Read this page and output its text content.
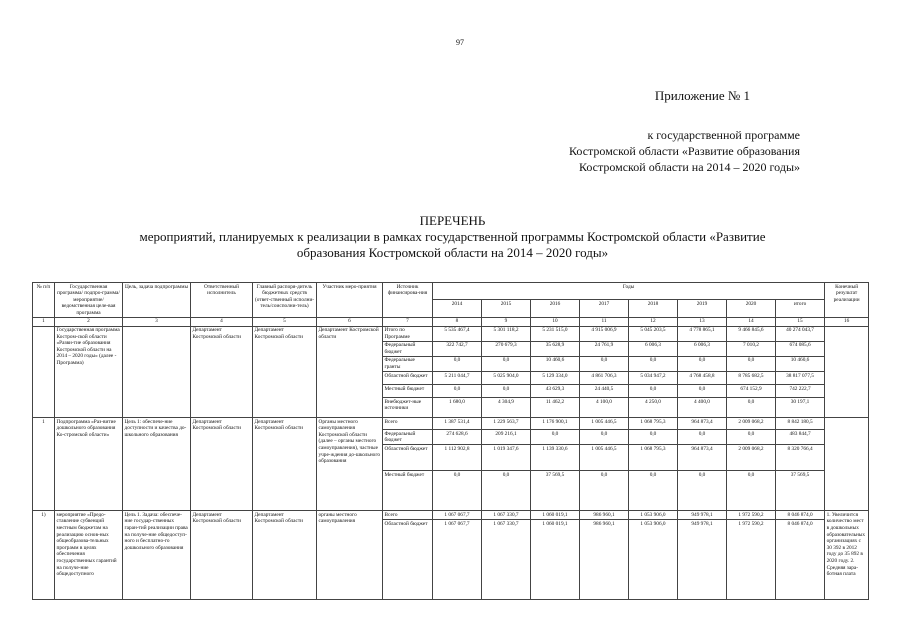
97
Приложение № 1
к государственной программе
Костромской области «Развитие образования
Костромской области на 2014 – 2020 годы»
ПЕРЕЧЕНЬ
мероприятий, планируемых к реализации в рамках государственной программы Костромской области «Развитие
образования Костромской области на 2014 – 2020 годы»
№ п/п	Государственная программа/ подпро-грамма/ мероприятие/ ведомственная целе-вая программа	Цель, задача подпрограммы	Ответственный исполнитель	Главный распоря-дитель бюджетных средств (ответ-ственный исполни-тель/соисполни-тель)	Участник меро-приятия	Источник финансирова-ния	Годы								Конечный результат реализации
							2014	2015	2016	2017	2018	2019	2020	итого	
1	2	3	4	5	6	7	8	9	10	11	12	13	14	15	16
	Государственная программа Костром-ской области «Разви-тие образования Костромской области на 2014 – 2020 годы» (далее - Программа)		Департамент Костромской области	Департамент Костромской области	Департамент Костромской области	Итого по Программе	5 535 467,4	5 301 118,2	5 231 515,0	4 915 006,9	5 045 203,5	4 778 865,1	9 466 845,6	40 274 043,7	
						Федеральный бюджет	322 742,7	270 679,3	35 628,9	24 761,9	6 006,3	6 006,3	7 010,2	674 085,6	
						Федеральные гранты	0,0	0,0	10 460,6	0,0	0,0	0,0	0,0	10 460,6	
						Областной бюджет	5 211 044,7	5 025 904,0	5 129 334,0	4 861 706,3	5 034 947,2	4 768 458,8	8 785 682,5	38 817 077,5	
						Местный бюджет	0,0	0,0	43 629,3	24 440,5	0,0	0,0	674 152,9	742 222,7	
						Внебюджет-ные источники	1 680,0	4 304,9	11 462,2	4 100,0	4 250,0	4 400,0	0,0	30 197,1	
1	Подпрограмма «Раз-витие дошкольного образования Ко-стромской области»	Цель 1: обеспече-ние доступности и качества до-школьного образования	Департамент Костромской области	Департамент Костромской области	Органы местного самоуправления Костромской области (далее – органы местного самоуправления), частные учре-ждения до-школьного образования	Всего	1 387 531,4	1 229 563,7	1 176 900,1	1 005 446,5	1 068 795,3	964 873,4	2 009 068,2	8 842 180,5	
						Федеральный бюджет	274 628,6	209 216,1	0,0	0,0	0,0	0,0	0,0	483 844,7	
						Областной бюджет	1 112 902,8	1 019 347,6	1 139 330,6	1 005 446,5	1 068 795,3	964 873,4	2 009 068,2	8 320 766,4	
						Местный бюджет	0,0	0,0	37 569,5	0,0	0,0	0,0	0,0	37 569,5	
1)	мероприятие «Предо-ставление субвенций местным бюджетам на реализацию основ-ных общеобразова-тельных программ в целях обеспечения государственных гарантий на получе-ние общедоступного	Цель 1. Задача: обеспече-ние государ-ственных гаран-тий реализации права на получе-ние общедоступ-ного и бесплатно-го дошкольного образования	Департамент Костромской области	Департамент Костромской области	органы местного самоуправления	Всего	1 067 067,7	1 067 330,7	1 060 019,1	986 960,1	1 053 906,0	949 978,1	1 972 590,2	8 046 874,0	1. Увеличится количество мест в дошкольных образовательных организациях с 30 392 в 2012 году до 35 892 в 2020 году. 2. Средняя зара-ботная плата
						Областной бюджет	1 067 067,7	1 067 330,7	1 060 019,1	986 960,1	1 053 906,0	949 978,1	1 972 590,2	8 046 874,0	
